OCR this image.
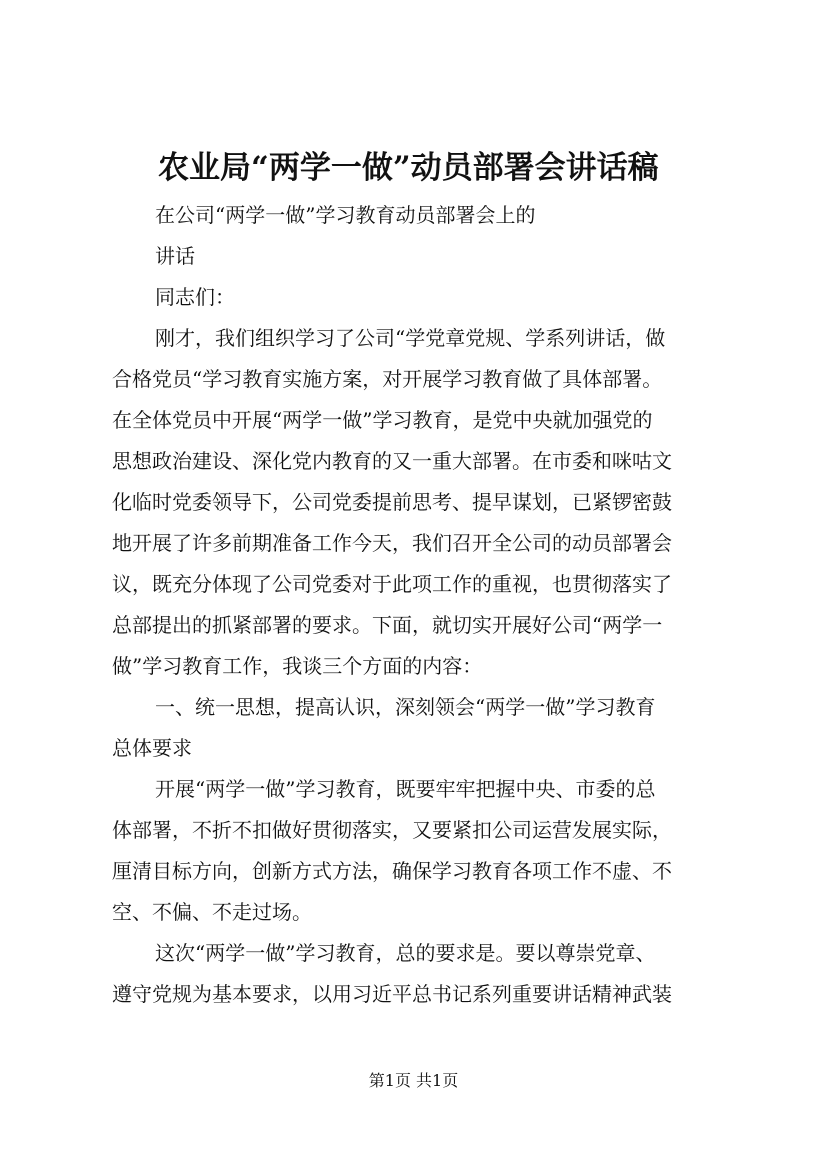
农业局“两学一做”动员部署会讲话稿
在公司“两学一做”学习教育动员部署会上的
讲话
同志们：
刚才，我们组织学习了公司“学党章党规、学系列讲话，做
合格党员“学习教育实施方案，对开展学习教育做了具体部署。
在全体党员中开展“两学一做”学习教育，是党中央就加强党的
思想政治建设、深化党内教育的又一重大部署。在市委和咪咕文
化临时党委领导下，公司党委提前思考、提早谋划，已紧锣密鼓
地开展了许多前期准备工作今天，我们召开全公司的动员部署会
议，既充分体现了公司党委对于此项工作的重视，也贯彻落实了
总部提出的抓紧部署的要求。下面，就切实开展好公司“两学一
做”学习教育工作，我谈三个方面的内容：
一、统一思想，提高认识，深刻领会“两学一做”学习教育
总体要求
开展“两学一做”学习教育，既要牢牢把握中央、市委的总
体部署，不折不扣做好贯彻落实，又要紧扣公司运营发展实际，
厘清目标方向，创新方式方法，确保学习教育各项工作不虚、不
空、不偏、不走过场。
这次“两学一做”学习教育，总的要求是。要以尊崇党章、
遵守党规为基本要求，以用习近平总书记系列重要讲话精神武装
第1页 共1页
